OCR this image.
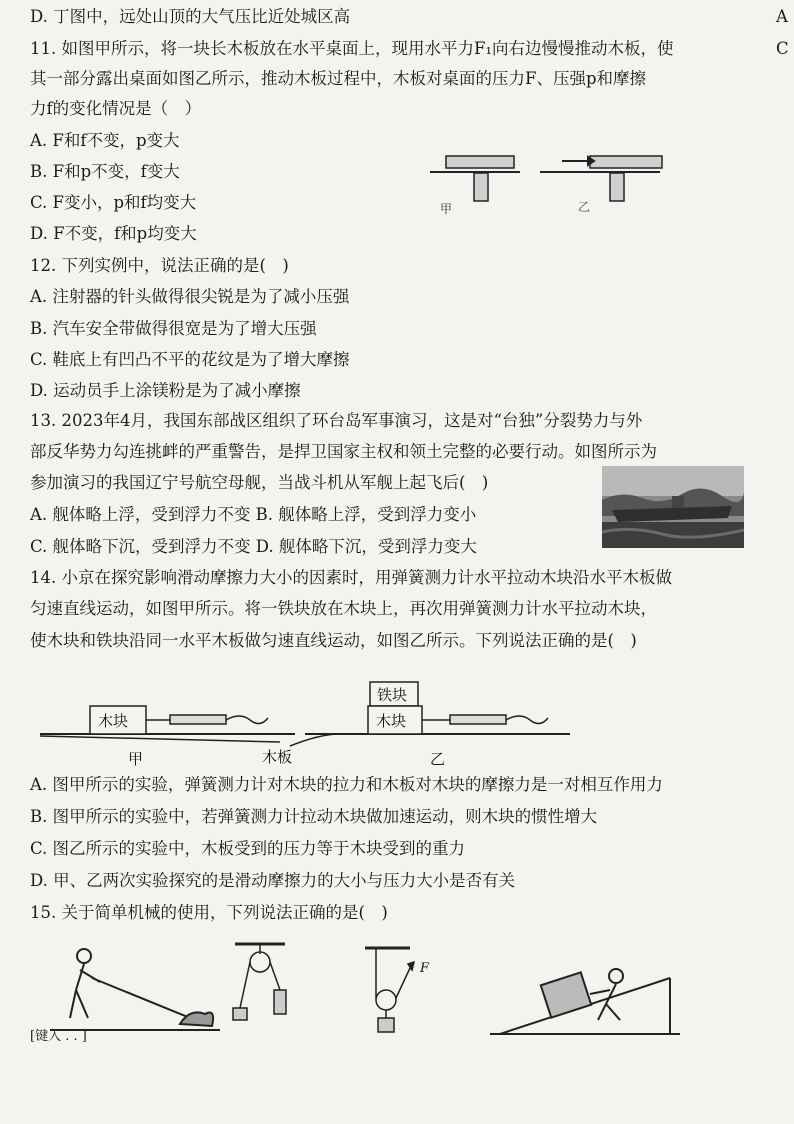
D. 丁图中，远处山顶的大气压比近处城区高	A
C
11. 如图甲所示，将一块长木板放在水平桌面上，现用水平力F₁向右边慢慢推动木板，使
其一部分露出桌面如图乙所示，推动木板过程中，木板对桌面的压力F、压强p和摩擦
力f的变化情况是（　）
A. F和f不变，p变大
B. F和p不变，f变大
C. F变小，p和f均变大
D. F不变，f和p均变大
甲	乙
12. 下列实例中，说法正确的是(　)
A. 注射器的针头做得很尖锐是为了减小压强
B. 汽车安全带做得很宽是为了增大压强
C. 鞋底上有凹凸不平的花纹是为了增大摩擦
D. 运动员手上涂镁粉是为了减小摩擦
13. 2023年4月，我国东部战区组织了环台岛军事演习，这是对“台独”分裂势力与外
部反华势力勾连挑衅的严重警告，是捍卫国家主权和领土完整的必要行动。如图所示为
参加演习的我国辽宁号航空母舰，当战斗机从军舰上起飞后(　)
A. 舰体略上浮，受到浮力不变 B. 舰体略上浮，受到浮力变小
C. 舰体略下沉，受到浮力不变 D. 舰体略下沉，受到浮力变大
14. 小京在探究影响滑动摩擦力大小的因素时，用弹簧测力计水平拉动木块沿水平木板做
匀速直线运动，如图甲所示。将一铁块放在木块上，再次用弹簧测力计水平拉动木块，
使木块和铁块沿同一水平木板做匀速直线运动，如图乙所示。下列说法正确的是(　)
木块
铁块
木块
木板
甲	乙
A. 图甲所示的实验，弹簧测力计对木块的拉力和木板对木块的摩擦力是一对相互作用力
B. 图甲所示的实验中，若弹簧测力计拉动木块做加速运动，则木块的惯性增大
C. 图乙所示的实验中，木板受到的压力等于木块受到的重力
D. 甲、乙两次实验探究的是滑动摩擦力的大小与压力大小是否有关
15. 关于简单机械的使用，下列说法正确的是(　)
F
[键入 . . ]
